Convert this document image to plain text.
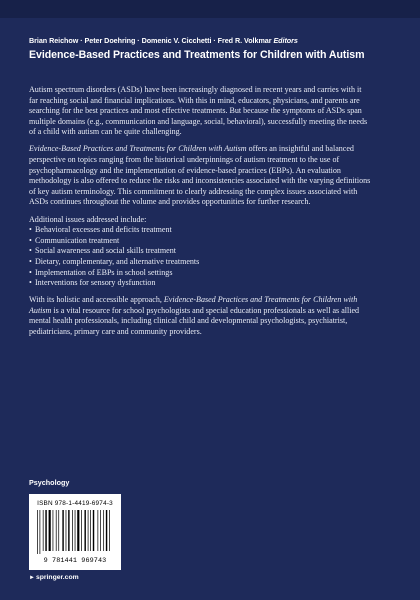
Brian Reichow · Peter Doehring · Domenic V. Cicchetti · Fred R. Volkmar Editors
Evidence-Based Practices and Treatments for Children with Autism

Autism spectrum disorders (ASDs) have been increasingly diagnosed in recent years and carries with it far reaching social and financial implications. With this in mind, educators, physicians, and parents are searching for the best practices and most effective treatments. But because the symptoms of ASDs span multiple domains (e.g., communication and language, social, behavioral), successfully meeting the needs of a child with autism can be quite challenging.

Evidence-Based Practices and Treatments for Children with Autism offers an insightful and balanced perspective on topics ranging from the historical underpinnings of autism treatment to the use of psychopharmacology and the implementation of evidence-based practices (EBPs). An evaluation methodology is also offered to reduce the risks and inconsistencies associated with the varying definitions of key autism terminology. This commitment to clearly addressing the complex issues associated with ASDs continues throughout the volume and provides opportunities for further research.

Additional issues addressed include:

• Behavioral excesses and deficits treatment
• Communication treatment
• Social awareness and social skills treatment
• Dietary, complementary, and alternative treatments
• Implementation of EBPs in school settings
• Interventions for sensory dysfunction

With its holistic and accessible approach, Evidence-Based Practices and Treatments for Children with Autism is a vital resource for school psychologists and special education professionals as well as allied mental health professionals, including clinical child and developmental psychologists, psychiatrist, pediatricians, primary care and community providers.

Psychology
ISBN 978-1-4419-6974-3
9 781441 969743
►springer.com
